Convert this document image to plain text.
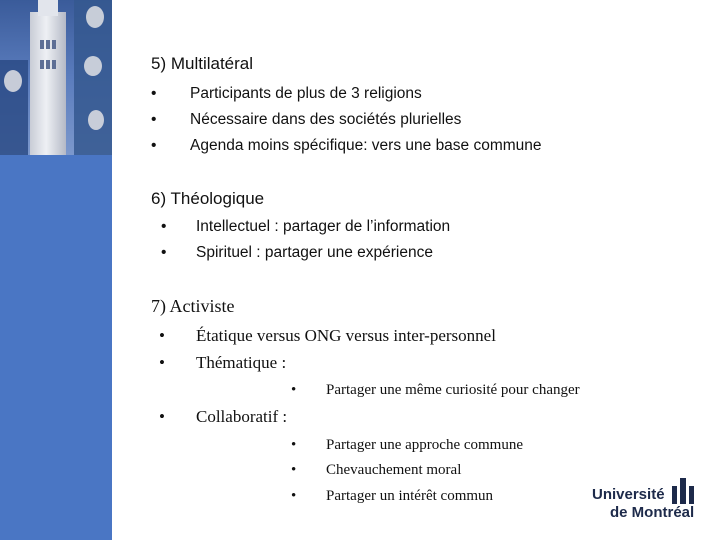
5) Multilatéral
• Participants de plus de 3 religions
• Nécessaire dans des sociétés plurielles
• Agenda moins spécifique: vers une base commune
6) Théologique
• Intellectuel : partager de l’information
• Spirituel : partager une expérience
7) Activiste
• Étatique versus ONG versus inter-personnel
• Thématique :
• Partager une même curiosité pour changer
• Collaboratif :
• Partager une approche commune
• Chevauchement moral
• Partager un intérêt commun	Université
de Montréal
